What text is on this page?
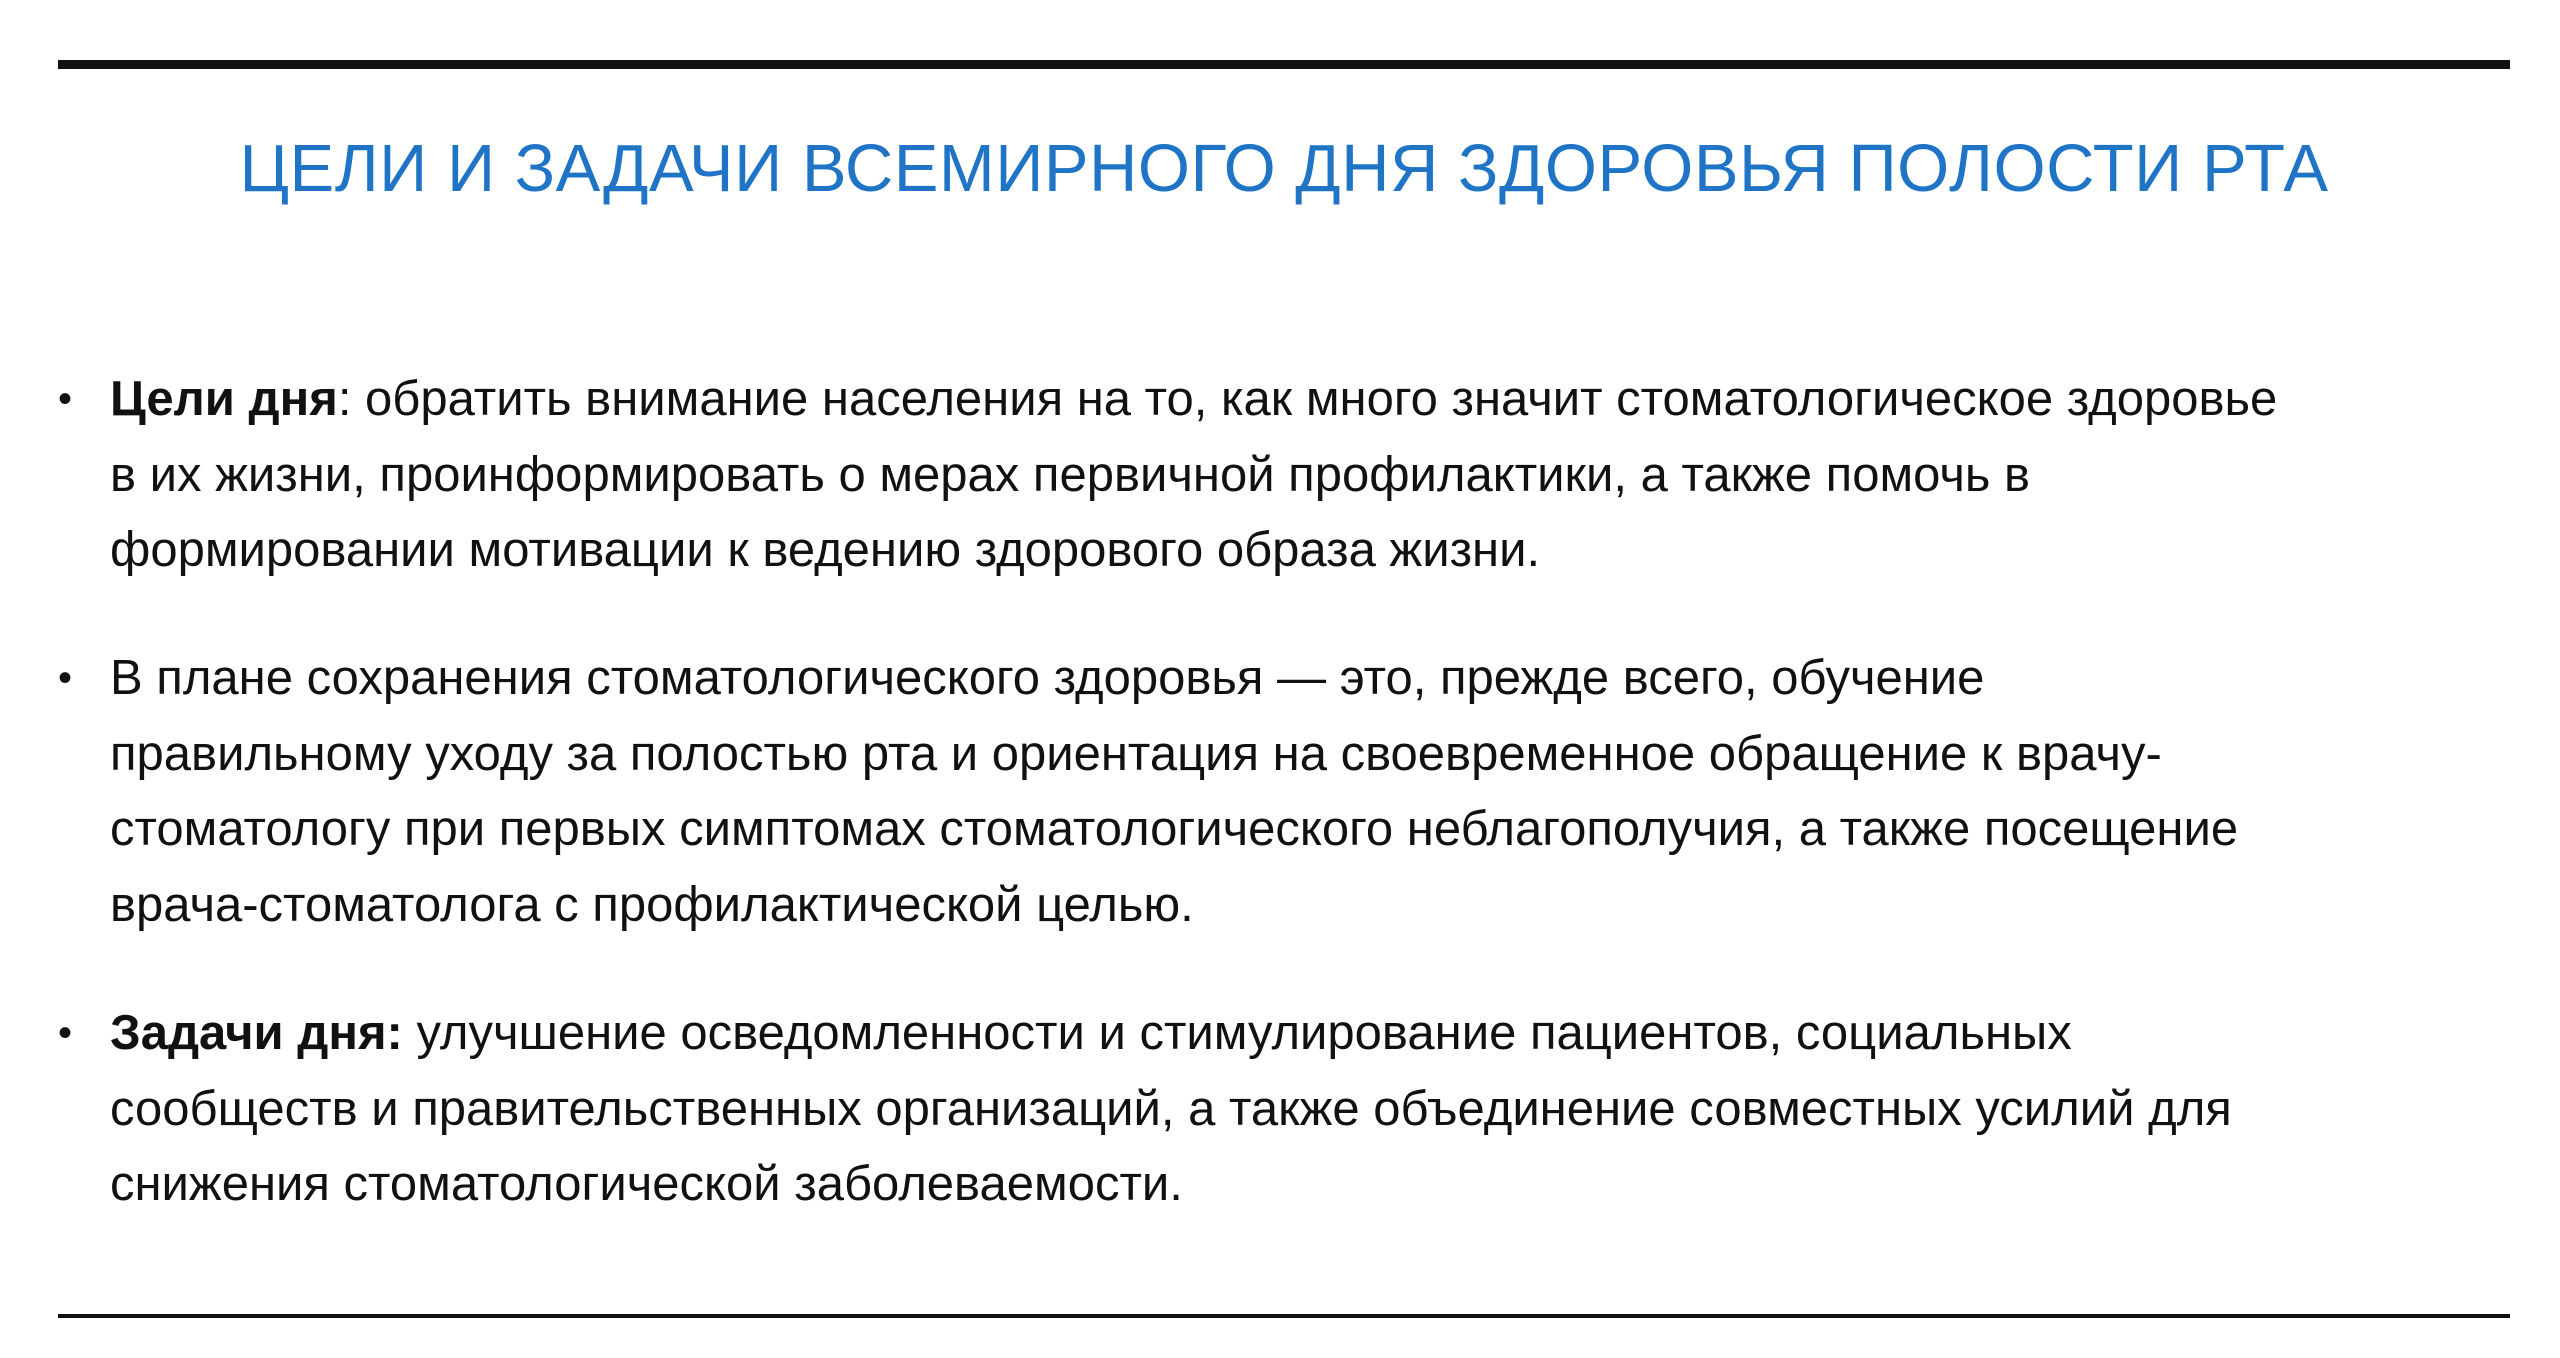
ЦЕЛИ И ЗАДАЧИ ВСЕМИРНОГО ДНЯ ЗДОРОВЬЯ ПОЛОСТИ РТА
• Цели дня: обратить внимание населения на то, как много значит стоматологическое здоровье
в их жизни, проинформировать о мерах первичной профилактики, а также помочь в
формировании мотивации к ведению здорового образа жизни.
• В плане сохранения стоматологического здоровья — это, прежде всего, обучение
правильному уходу за полостью рта и ориентация на своевременное обращение к врачу-
стоматологу при первых симптомах стоматологического неблагополучия, а также посещение
врача-стоматолога с профилактической целью.
• Задачи дня: улучшение осведомленности и стимулирование пациентов, социальных
сообществ и правительственных организаций, а также объединение совместных усилий для
снижения стоматологической заболеваемости.
